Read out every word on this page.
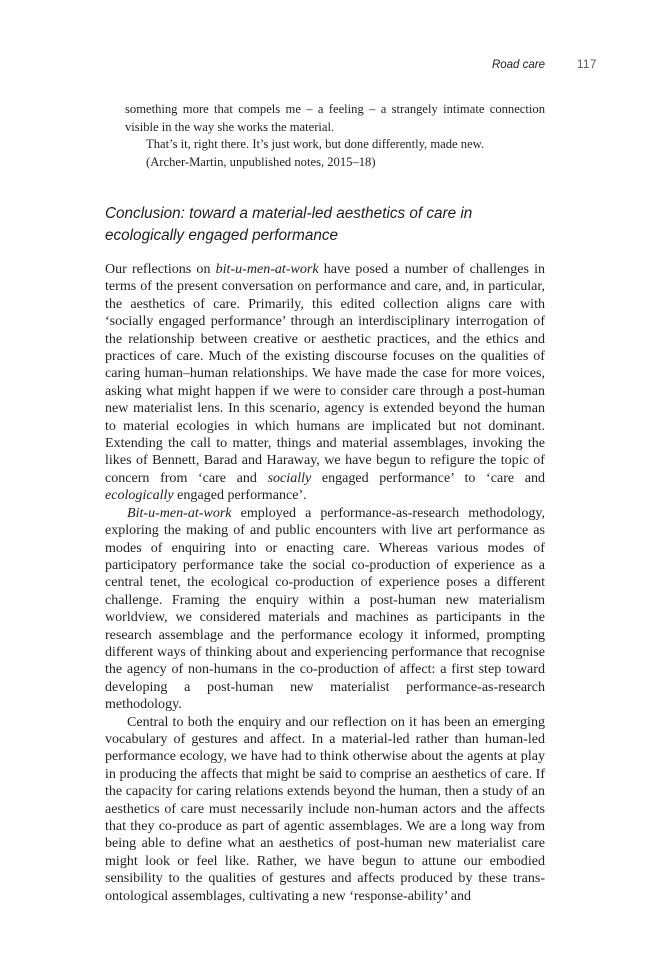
Road care	117

something more that compels me – a feeling – a strangely intimate connection visible in the way she works the material.

That’s it, right there. It’s just work, but done differently, made new.

(Archer-Martin, unpublished notes, 2015–18)

Conclusion: toward a material-led aesthetics of care in
ecologically engaged performance

Our reflections on bit-u-men-at-work have posed a number of challenges in terms of the present conversation on performance and care, and, in particular, the aesthetics of care. Primarily, this edited collection aligns care with ‘socially engaged performance’ through an interdisciplinary interrogation of the relationship between creative or aesthetic practices, and the ethics and practices of care. Much of the existing discourse focuses on the qualities of caring human–human relationships. We have made the case for more voices, asking what might happen if we were to consider care through a post-human new materialist lens. In this scenario, agency is extended beyond the human to material ecologies in which humans are implicated but not dominant. Extending the call to matter, things and material assemblages, invoking the likes of Bennett, Barad and Haraway, we have begun to refigure the topic of concern from ‘care and socially engaged performance’ to ‘care and ecologically engaged performance’.

Bit-u-men-at-work employed a performance-as-research methodology, exploring the making of and public encounters with live art performance as modes of enquiring into or enacting care. Whereas various modes of participatory performance take the social co-production of experience as a central tenet, the ecological co-production of experience poses a different challenge. Framing the enquiry within a post-human new materialism worldview, we considered materials and machines as participants in the research assemblage and the performance ecology it informed, prompting different ways of thinking about and experiencing performance that recognise the agency of non-humans in the co-production of affect: a first step toward developing a post-human new materialist performance-as-research methodology.

Central to both the enquiry and our reflection on it has been an emerging vocabulary of gestures and affect. In a material-led rather than human-led performance ecology, we have had to think otherwise about the agents at play in producing the affects that might be said to comprise an aesthetics of care. If the capacity for caring relations extends beyond the human, then a study of an aesthetics of care must necessarily include non-human actors and the affects that they co-produce as part of agentic assemblages. We are a long way from being able to define what an aesthetics of post-human new materialist care might look or feel like. Rather, we have begun to attune our embodied sensibility to the qualities of gestures and affects produced by these trans-ontological assemblages, cultivating a new ‘response-ability’ and
